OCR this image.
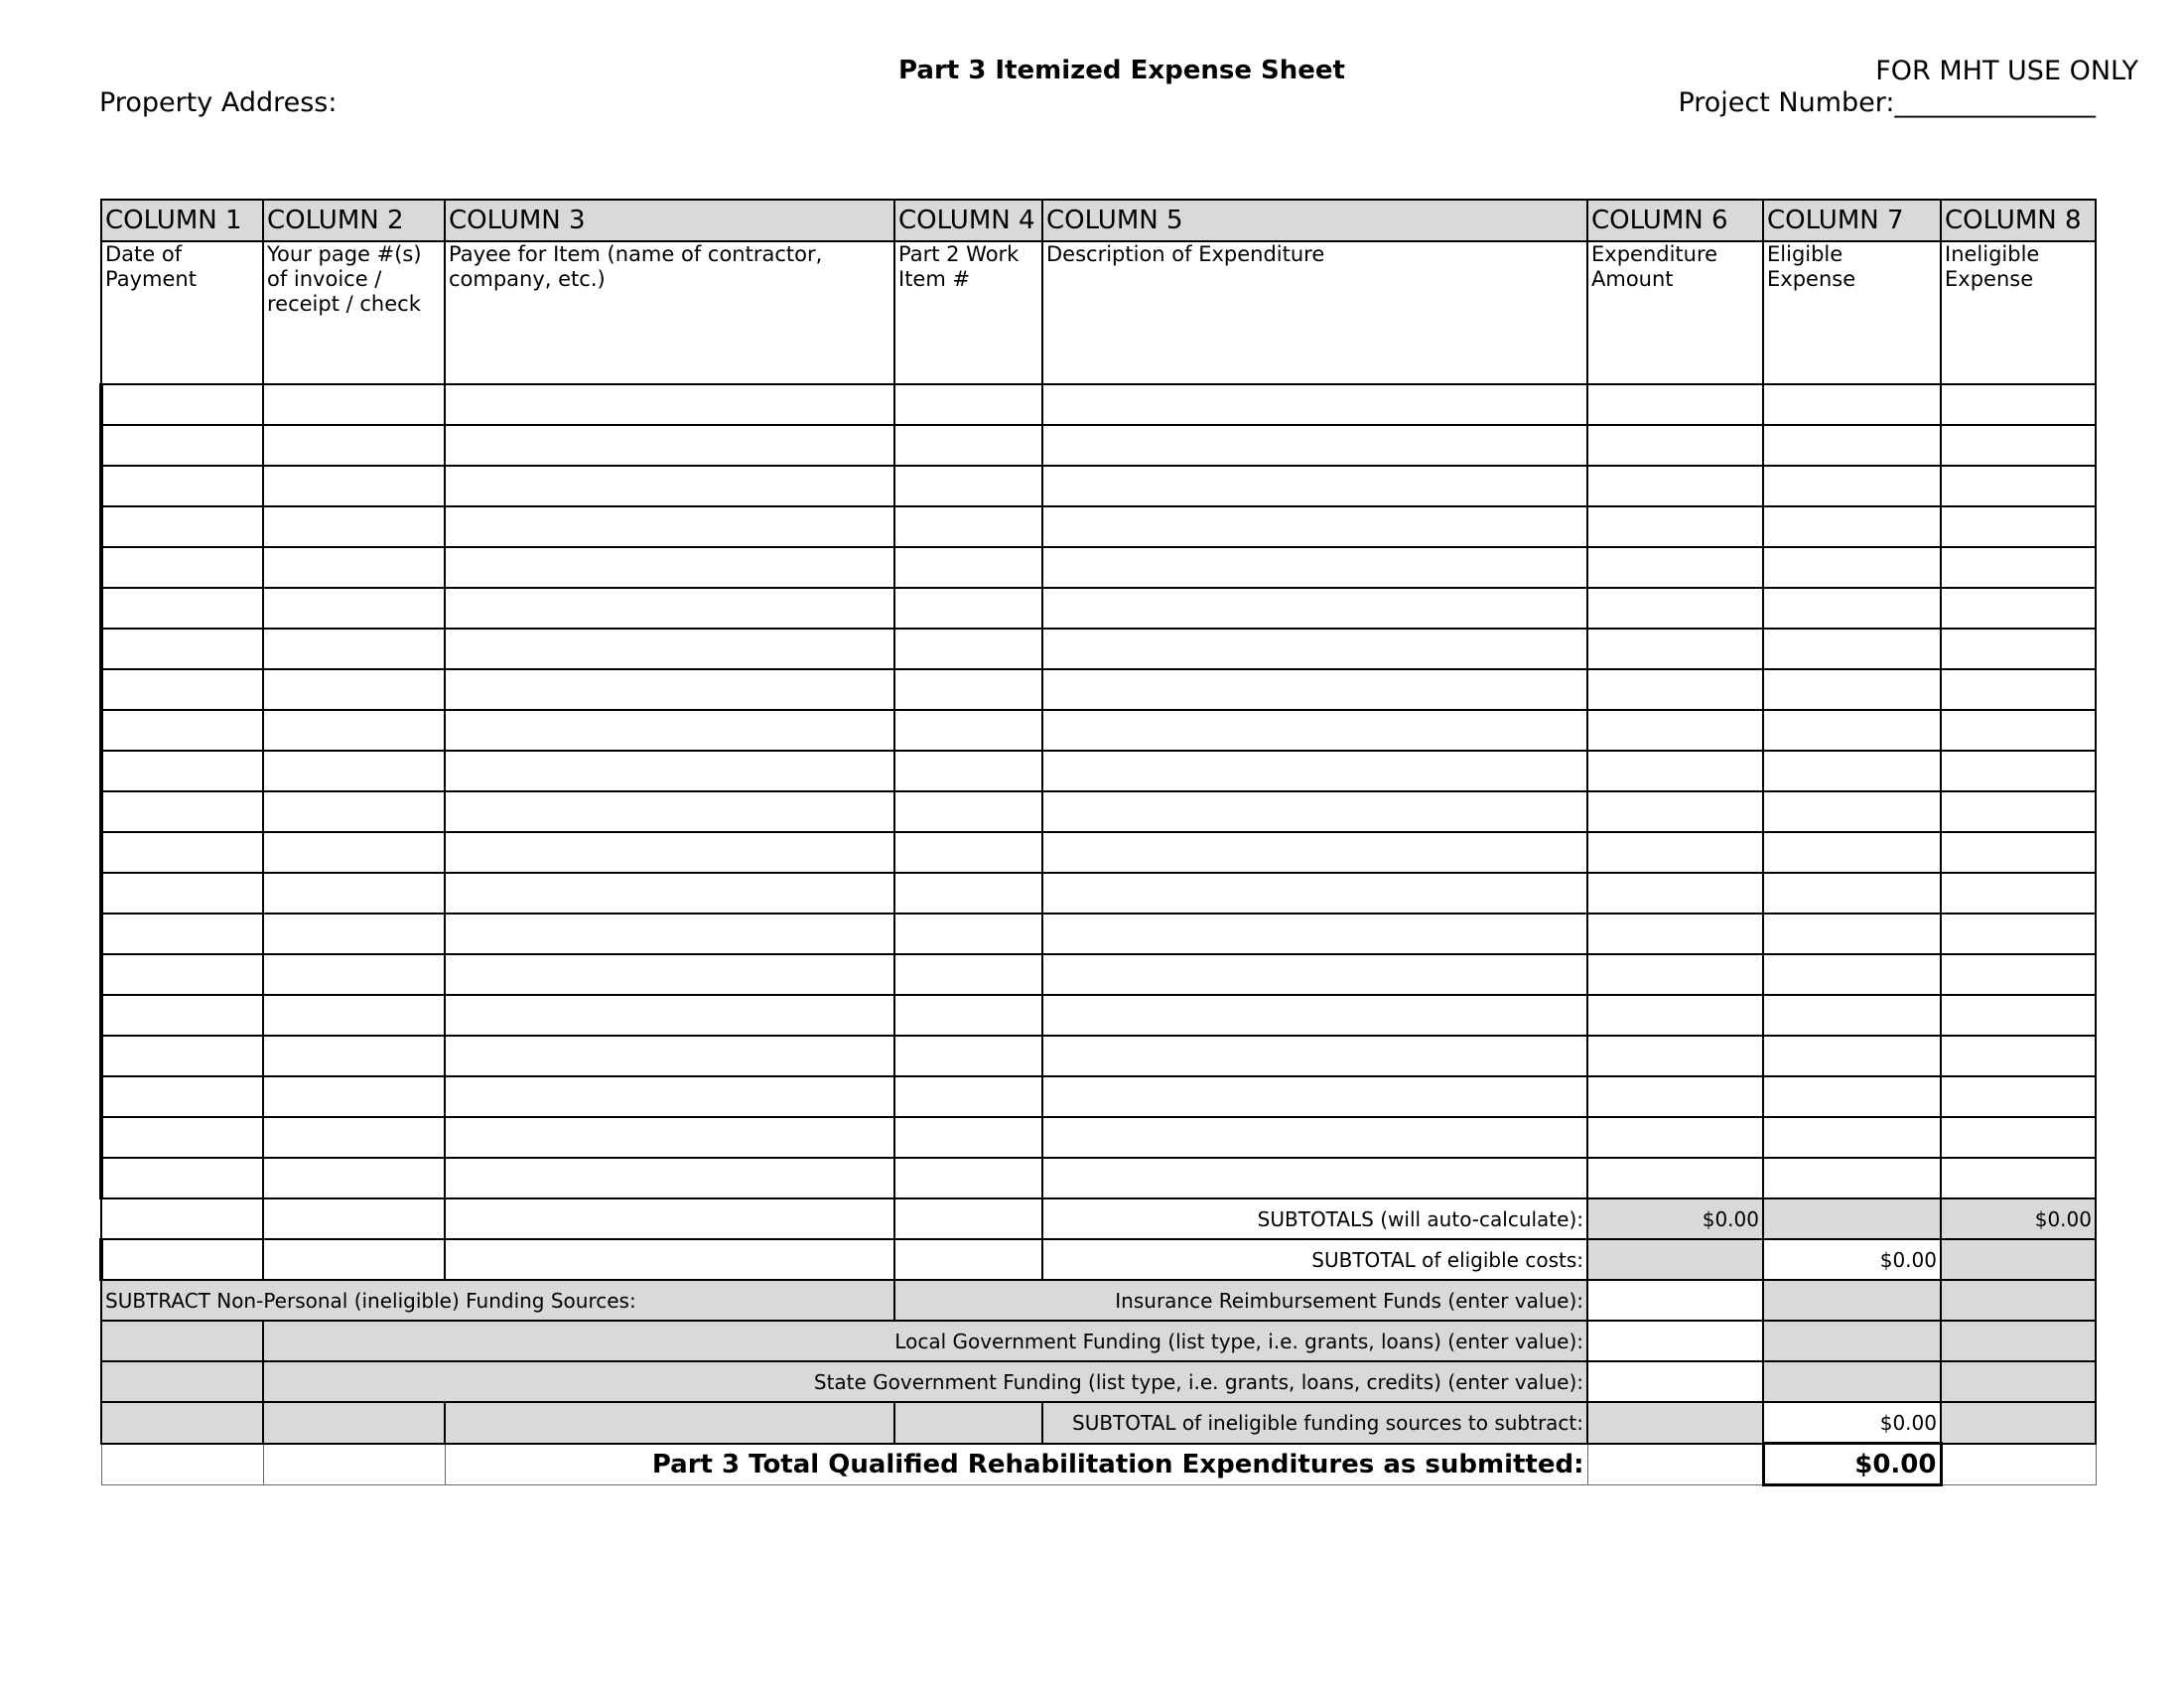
Part 3 Itemized Expense Sheet	FOR MHT USE ONLY
Property Address:	Project Number:_______________
COLUMN 1	COLUMN 2	COLUMN 3	COLUMN 4	COLUMN 5	COLUMN 6	COLUMN 7	COLUMN 8
Date of Payment	Your page #(s) of invoice / receipt / check	Payee for Item (name of contractor, company, etc.)	Part 2 Work Item #	Description of Expenditure	Expenditure Amount	Eligible Expense	Ineligible Expense

				SUBTOTALS (will auto-calculate):	$0.00		$0.00
				SUBTOTAL of eligible costs:		$0.00	
SUBTRACT Non-Personal (ineligible) Funding Sources:			Insurance Reimbursement Funds (enter value):				
	Local Government Funding (list type, i.e. grants, loans) (enter value):						
	State Government Funding (list type, i.e. grants, loans, credits) (enter value):						
				SUBTOTAL of ineligible funding sources to subtract:		$0.00	
		Part 3 Total Qualified Rehabilitation Expenditures as submitted:				$0.00	
